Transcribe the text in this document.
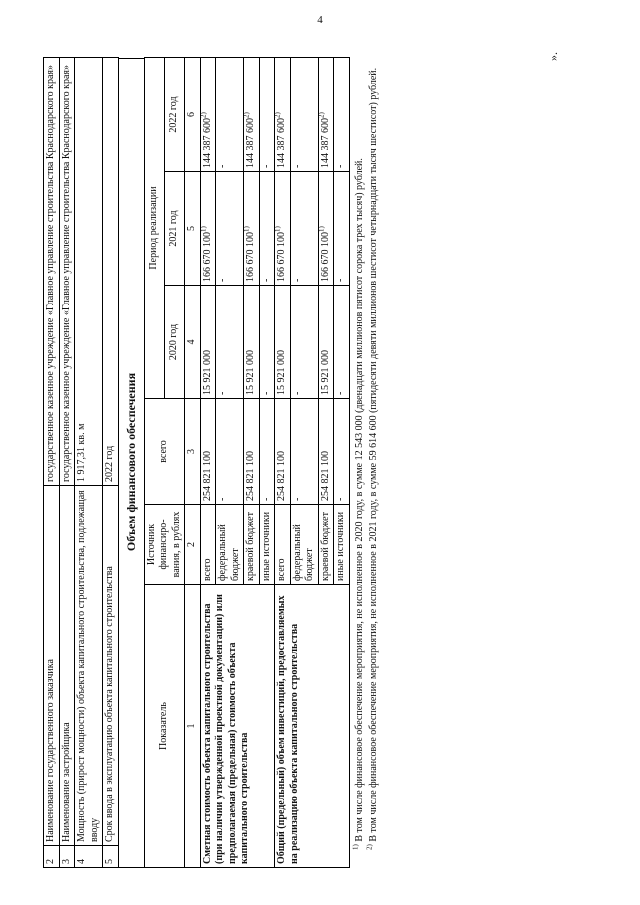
4
2	Наименование государственного заказчика	государственное казенное учреждение «Главное управление строительства Краснодарского края»
3	Наименование застройщика	государственное казенное учреждение «Главное управление строительства Краснодарского края»
4	Мощность (прирост мощности) объекта капитального строительства, подлежащая вводу	1 917,31 кв. м
5	Срок ввода в эксплуатацию объекта капитального строительства	2022 год Объем финансового обеспечения
Показатель	Источник финансиро-вания, в рублях	всего	Период реализации		
			2020 год	2021 год	2022 год
1	2	3	4	5	6
Сметная стоимость объекта капитального строительства (при наличии утвержденной проектной документации) или предполагаемая (предельная) стоимость объекта капитального строительства	всего	254 821 100	15 921 000	166 670 100$^{1)}$	144 387 600$^{2)}$
	федеральный бюджет	-	-	-	-
	краевой бюджет	254 821 100	15 921 000	166 670 100$^{1)}$	144 387 600$^{2)}$
	иные источники	-	-	-	-
Общий (предельный) объем инвестиций, предоставляемых на реализацию объекта капитального строительства	всего	254 821 100	15 921 000	166 670 100$^{1)}$	144 387 600$^{2)}$
	федеральный бюджет	-	-	-	-
	краевой бюджет	254 821 100	15 921 000	166 670 100$^{1)}$	144 387 600$^{2)}$
	иные источники	-	-	-	-

$^{1)}$ В том числе финансовое обеспечение мероприятия, не исполненное в 2020 году, в сумме 12 543 000 (двенадцати миллионов пятисот сорока трех тысяч) рублей.

$^{2)}$ В том числе финансовое обеспечение мероприятия, не исполненное в 2021 году, в сумме 59 614 600 (пятидесяти девяти миллионов шестисот четырнадцати тысяч шестисот) рублей.

».
